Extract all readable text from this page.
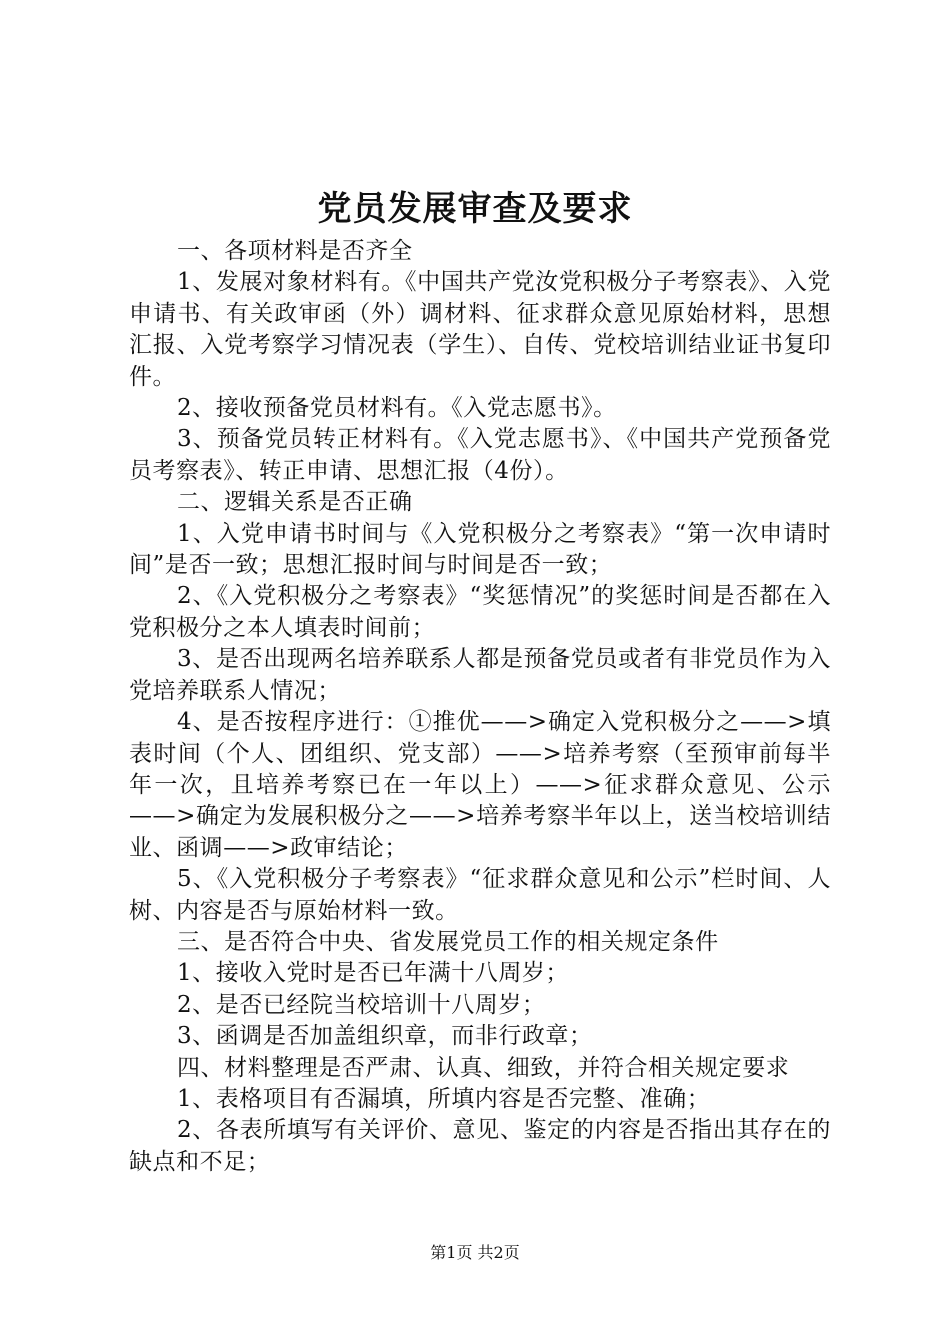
党员发展审查及要求

一、各项材料是否齐全

1、发展对象材料有。《中国共产党汝党积极分子考察表》、入党申请书、有关政审函（外）调材料、征求群众意见原始材料，思想汇报、入党考察学习情况表（学生）、自传、党校培训结业证书复印件。

2、接收预备党员材料有。《入党志愿书》。

3、预备党员转正材料有。《入党志愿书》、《中国共产党预备党员考察表》、转正申请、思想汇报（4份）。

二、逻辑关系是否正确

1、入党申请书时间与《入党积极分之考察表》“第一次申请时间”是否一致；思想汇报时间与时间是否一致；

2、《入党积极分之考察表》“奖惩情况”的奖惩时间是否都在入党积极分之本人填表时间前；

3、是否出现两名培养联系人都是预备党员或者有非党员作为入党培养联系人情况；

4、是否按程序进行：①推优——>确定入党积极分之——>填表时间（个人、团组织、党支部）——>培养考察（至预审前每半年一次，且培养考察已在一年以上）——>征求群众意见、公示——>确定为发展积极分之——>培养考察半年以上，送当校培训结业、函调——>政审结论；

5、《入党积极分子考察表》“征求群众意见和公示”栏时间、人树、内容是否与原始材料一致。

三、是否符合中央、省发展党员工作的相关规定条件

1、接收入党时是否已年满十八周岁；

2、是否已经院当校培训十八周岁；

3、函调是否加盖组织章，而非行政章；

四、材料整理是否严肃、认真、细致，并符合相关规定要求

1、表格项目有否漏填，所填内容是否完整、准确；

2、各表所填写有关评价、意见、鉴定的内容是否指出其存在的缺点和不足；

第1页 共2页
